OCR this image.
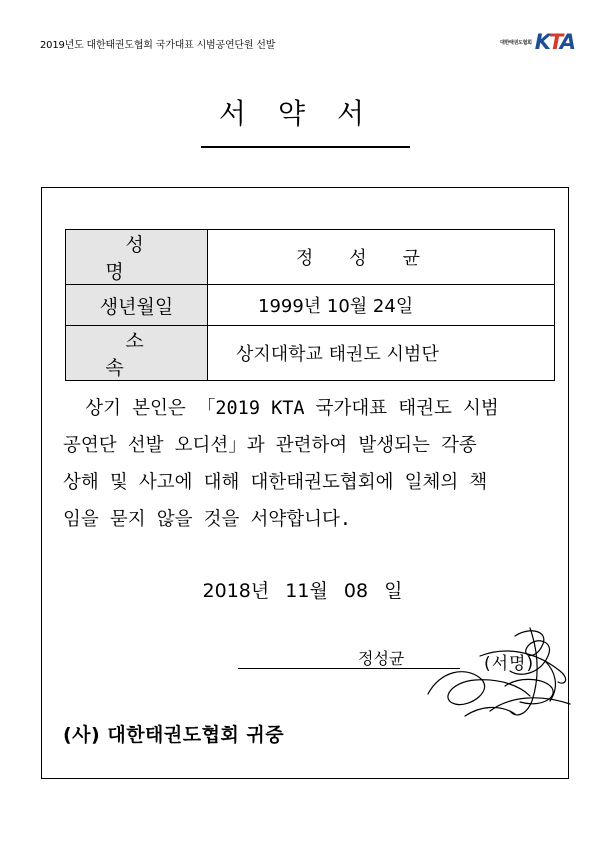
2019년도 대한태권도협회 국가대표 시범공연단원 선발	대한태권도협회 KTA
서약서
성명	정성균
생년월일	1999년 10월 24일
소속	상지대학교 태권도 시범단

상기 본인은 「2019 KTA 국가대표 태권도 시범

공연단 선발 오디션」과 관련하여 발생되는 각종

상해 및 사고에 대해 대한태권도협회에 일체의 책

임을 묻지 않을 것을 서약합니다.

2018년 11월 08 일
정성균	(서명)
(사) 대한태권도협회 귀중
